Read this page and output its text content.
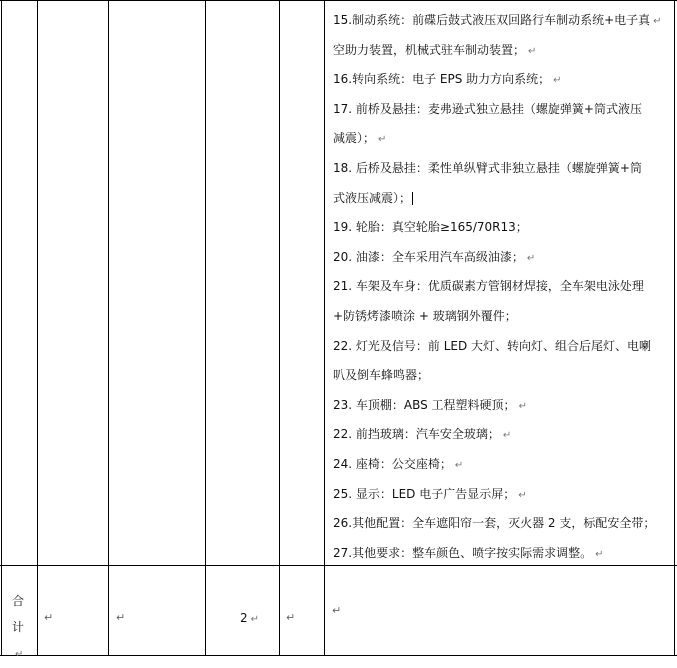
15.制动系统：前碟后鼓式液压双回路行车制动系统+电子真 ↵
空助力装置，机械式驻车制动装置； ↵
16.转向系统：电子 EPS 助力方向系统； ↵
17. 前桥及悬挂：麦弗逊式独立悬挂（螺旋弹簧+筒式液压
减震）； ↵
18. 后桥及悬挂：柔性单纵臂式非独立悬挂（螺旋弹簧+筒
式液压减震）；
19. 轮胎：真空轮胎≥165/70R13；
20. 油漆：全车采用汽车高级油漆； ↵
21. 车架及车身：优质碳素方管钢材焊接，全车架电泳处理
+防锈烤漆喷涂 + 玻璃钢外覆件；
22. 灯光及信号：前 LED 大灯、转向灯、组合后尾灯、电喇
叭及倒车蜂鸣器；
23. 车顶棚：ABS 工程塑料硬顶； ↵
22. 前挡玻璃：汽车安全玻璃； ↵
24. 座椅：公交座椅； ↵
25. 显示：LED 电子广告显示屏； ↵
26.其他配置：全车遮阳帘一套，灭火器 2 支，标配安全带；
27.其他要求：整车颜色、喷字按实际需求调整。 ↵
合
计↵
↵	↵	2 ↵ ↵
↵
